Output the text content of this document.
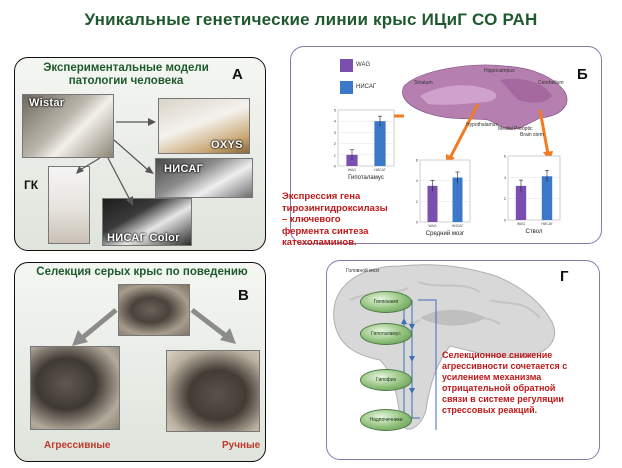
Уникальные генетические линии крыс ИЦиГ СО РАН
Экспериментальные модели патологии человека	А
Wistar
OXYS
НИСАГ
ГК
НИСАГ Color
Б
WAG
НИСАГ
Hippocampus
Hypothalamus
Medial Preoptic
Striatum	Cerebellum
Brain stem
0
1
2
3
4
5
WAG	НИСАГ
Гипоталамус
0
2
4
6
WAG	НИСАГ
Средний мозг
0
2
4
6
WAG	НИСАГ
Ствол
Экспрессия гена
тирозингидроксилазы
– ключевого
фермента синтеза
катехоламинов.
Селекция серых крыс по поведению
В
Агрессивные	Ручные
Г
Головной мозг
Гиппокамп
Гипоталамус
Гипофиз
Надпочечники
Селекционное снижение
агрессивности сочетается с
усилением механизма
отрицательной обратной
связи в системе регуляции
стрессовых реакций.
